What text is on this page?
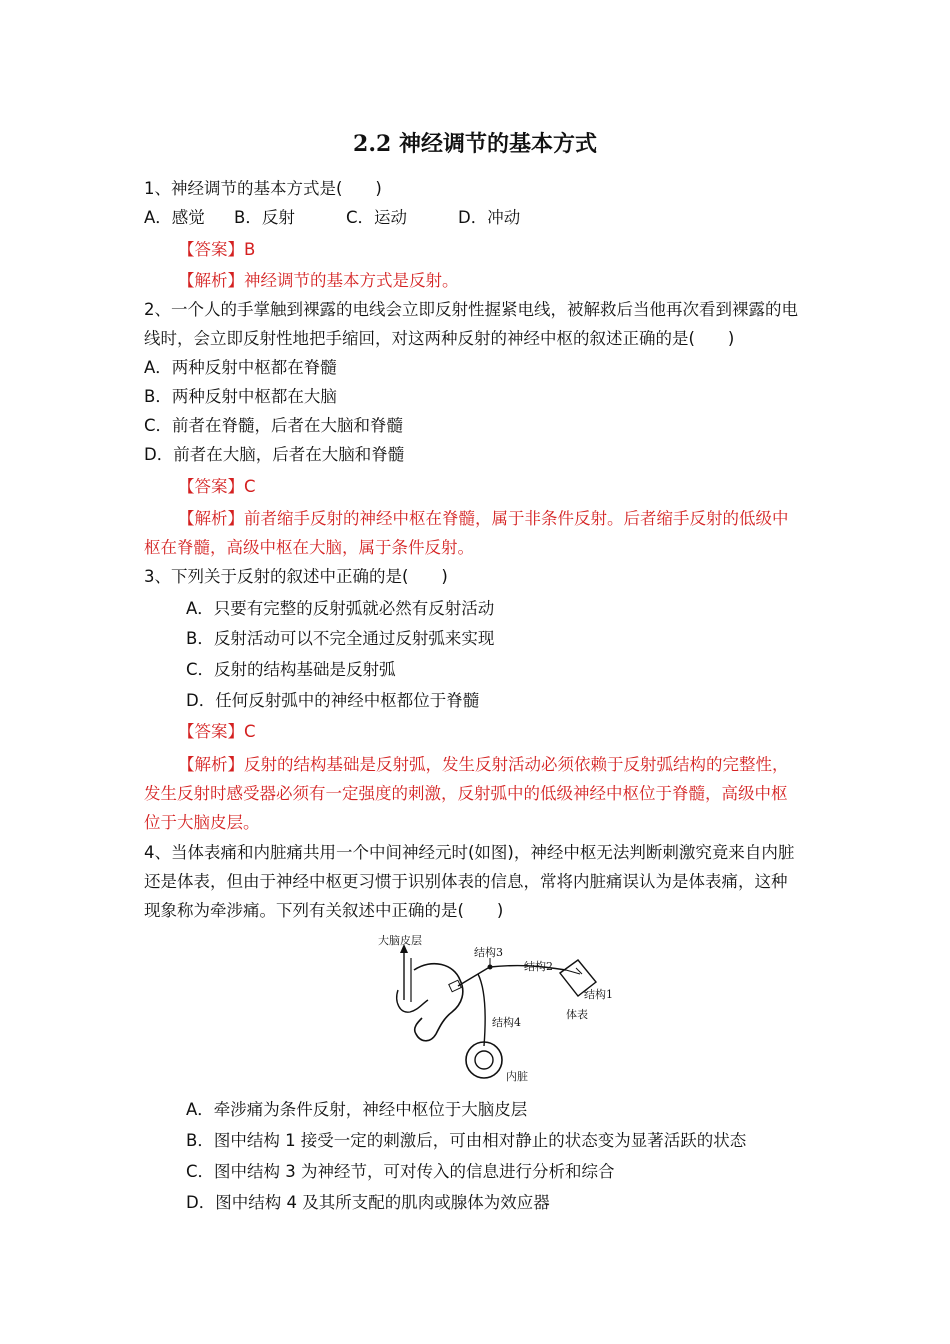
2.2 神经调节的基本方式
1、神经调节的基本方式是(　　)
A．感觉 B．反射	C．运动	D．冲动
【答案】B
【解析】神经调节的基本方式是反射。
2、一个人的手掌触到裸露的电线会立即反射性握紧电线，被解救后当他再次看到裸露的电
线时，会立即反射性地把手缩回，对这两种反射的神经中枢的叙述正确的是(　　)
A．两种反射中枢都在脊髓
B．两种反射中枢都在大脑
C．前者在脊髓，后者在大脑和脊髓
D．前者在大脑，后者在大脑和脊髓
【答案】C
【解析】前者缩手反射的神经中枢在脊髓，属于非条件反射。后者缩手反射的低级中
枢在脊髓，高级中枢在大脑，属于条件反射。
3、下列关于反射的叙述中正确的是(　　)
A．只要有完整的反射弧就必然有反射活动
B．反射活动可以不完全通过反射弧来实现
C．反射的结构基础是反射弧
D．任何反射弧中的神经中枢都位于脊髓
【答案】C
【解析】反射的结构基础是反射弧，发生反射活动必须依赖于反射弧结构的完整性，
发生反射时感受器必须有一定强度的刺激，反射弧中的低级神经中枢位于脊髓，高级中枢
位于大脑皮层。
4、当体表痛和内脏痛共用一个中间神经元时(如图)，神经中枢无法判断刺激究竟来自内脏
还是体表，但由于神经中枢更习惯于识别体表的信息，常将内脏痛误认为是体表痛，这种
现象称为牵涉痛。下列有关叙述中正确的是(　　)
大脑皮层
结构3
结构2
结构1
体表
结构4
内脏
A．牵涉痛为条件反射，神经中枢位于大脑皮层
B．图中结构 1 接受一定的刺激后，可由相对静止的状态变为显著活跃的状态
C．图中结构 3 为神经节，可对传入的信息进行分析和综合
D．图中结构 4 及其所支配的肌肉或腺体为效应器
